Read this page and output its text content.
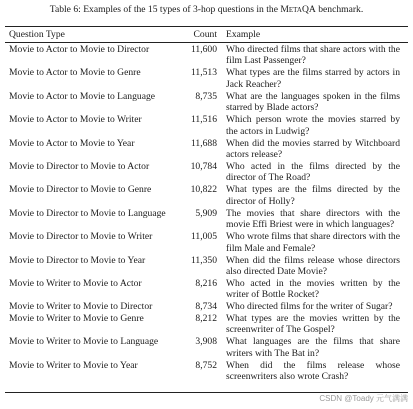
Table 6: Examples of the 15 types of 3-hop questions in the MetaQA benchmark.
Question Type	Count Example
Movie to Actor to Movie to Director	11,600 Who directed films that share actors with the film Last Passenger?
Movie to Actor to Movie to Genre	11,513 What types are the films starred by actors in Jack Reacher?
Movie to Actor to Movie to Language	8,735 What are the languages spoken in the films starred by Blade actors?
Movie to Actor to Movie to Writer	11,516 Which person wrote the movies starred by the actors in Ludwig?
Movie to Actor to Movie to Year	11,688 When did the movies starred by Witchboard actors release?
Movie to Director to Movie to Actor	10,784 Who acted in the films directed by the director of The Road?
Movie to Director to Movie to Genre	10,822 What types are the films directed by the director of Holly?
Movie to Director to Movie to Language	5,909 The movies that share directors with the movie Effi Briest were in which languages?
Movie to Director to Movie to Writer	11,005 Who wrote films that share directors with the film Male and Female?
Movie to Director to Movie to Year	11,350 When did the films release whose directors also directed Date Movie?
Movie to Writer to Movie to Actor	8,216 Who acted in the movies written by the writer of Bottle Rocket?
Movie to Writer to Movie to Director	8,734 Who directed films for the writer of Sugar?
Movie to Writer to Movie to Genre	8,212 What types are the movies written by the screenwriter of The Gospel?
Movie to Writer to Movie to Language	3,908 What languages are the films that share writers with The Bat in?
Movie to Writer to Movie to Year	8,752 When did the films release whose screenwriters also wrote Crash?
CSDN @Toady 元气满满
